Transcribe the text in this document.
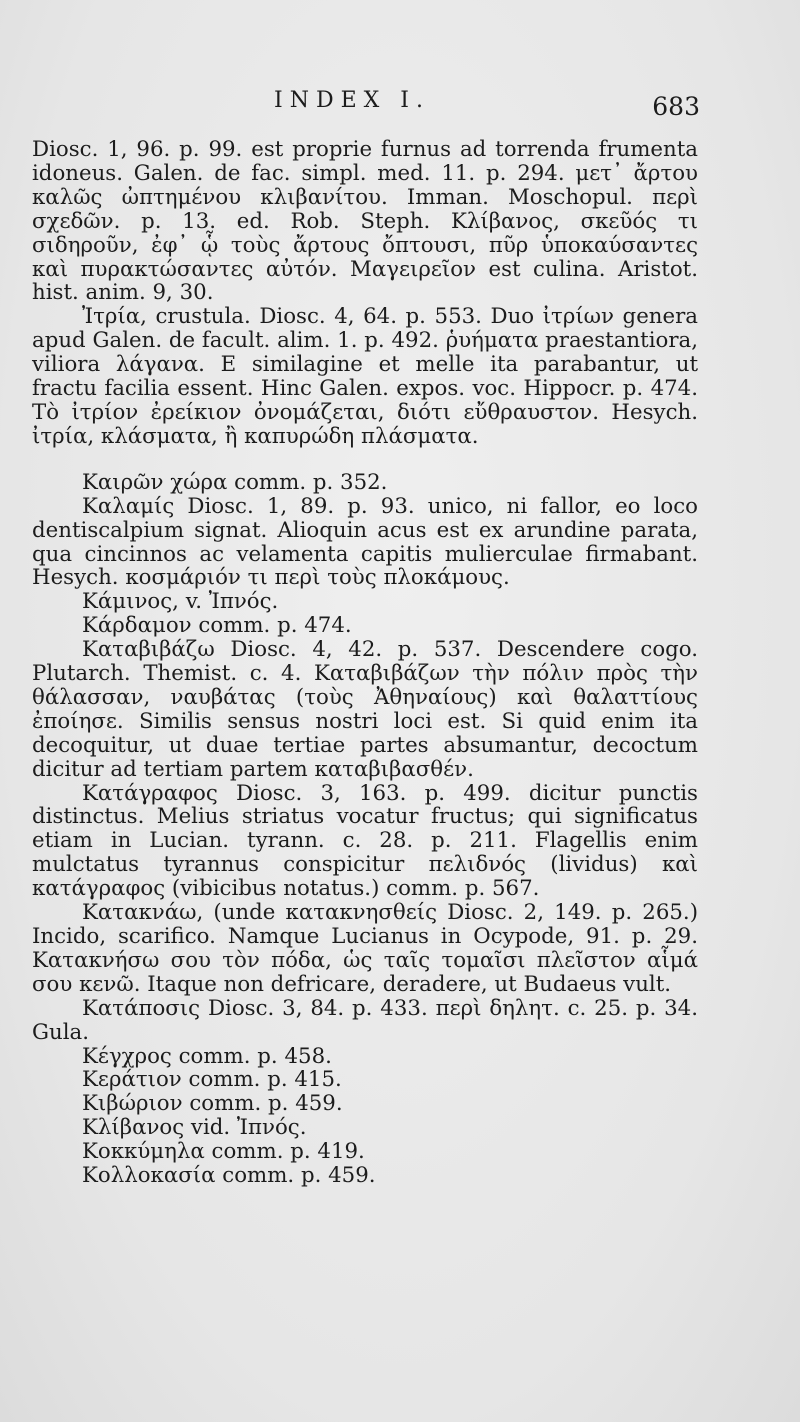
INDEX I.	683

Diosc. 1, 96. p. 99. est proprie furnus ad torrenda frumenta idoneus. Galen. de fac. simpl. med. 11. p. 294. μετ᾽ ἄρτου καλῶς ὠπτημένου κλιβανίτου. Imman. Moschopul. περὶ σχεδῶν. p. 13. ed. Rob. Steph. Κλίβανος, σκεῦός τι σιδηροῦν, ἐφ᾽ ᾧ τοὺς ἄρτους ὄπτουσι, πῦρ ὑποκαύσαντες καὶ πυρακτώσαντες αὐτόν. Μαγειρεῖον est culina. Aristot. hist. anim. 9, 30.

Ἰτρία, crustula. Diosc. 4, 64. p. 553. Duo ἰτρίων genera apud Galen. de facult. alim. 1. p. 492. ῥυήματα praestantiora, viliora λάγανα. E similagine et melle ita parabantur, ut fractu facilia essent. Hinc Galen. expos. voc. Hippocr. p. 474. Τὸ ἰτρίον ἐρείκιον ὀνομάζεται, διότι εὔθραυστον. Hesych. ἰτρία, κλάσματα, ἢ καπυρώδη πλάσματα.

Καιρῶν χώρα comm. p. 352.

Καλαμίς Diosc. 1, 89. p. 93. unico, ni fallor, eo loco dentiscalpium signat. Alioquin acus est ex arundine parata, qua cincinnos ac velamenta capitis mulierculae firmabant. Hesych. κοσμάριόν τι περὶ τοὺς πλοκάμους.

Κάμινος, v. Ἰπνός.

Κάρδαμον comm. p. 474.

Καταβιβάζω Diosc. 4, 42. p. 537. Descendere cogo. Plutarch. Themist. c. 4. Καταβιβάζων τὴν πόλιν πρὸς τὴν θάλασσαν, ναυβάτας (τοὺς Ἀθηναίους) καὶ θαλαττίους ἐποίησε. Similis sensus nostri loci est. Si quid enim ita decoquitur, ut duae tertiae partes absumantur, decoctum dicitur ad tertiam partem καταβιβασθέν.

Κατάγραφος Diosc. 3, 163. p. 499. dicitur punctis distinctus. Melius striatus vocatur fructus; qui significatus etiam in Lucian. tyrann. c. 28. p. 211. Flagellis enim mulctatus tyrannus conspicitur πελιδνός (lividus) καὶ κατάγραφος (vibicibus notatus.) comm. p. 567.

Κατακνάω, (unde κατακνησθείς Diosc. 2, 149. p. 265.) Incido, scarifico. Namque Lucianus in Ocypode, 91. p. 29. Κατακνήσω σου τὸν πόδα, ὡς ταῖς τομαῖσι πλεῖστον αἷμά σου κενῶ. Itaque non defricare, deradere, ut Budaeus vult.

Κατάποσις Diosc. 3, 84. p. 433. περὶ δηλητ. c. 25. p. 34. Gula.

Κέγχρος comm. p. 458.

Κεράτιον comm. p. 415.

Κιβώριον comm. p. 459.

Κλίβανος vid. Ἰπνός.

Κοκκύμηλα comm. p. 419.

Κολλοκασία comm. p. 459.
